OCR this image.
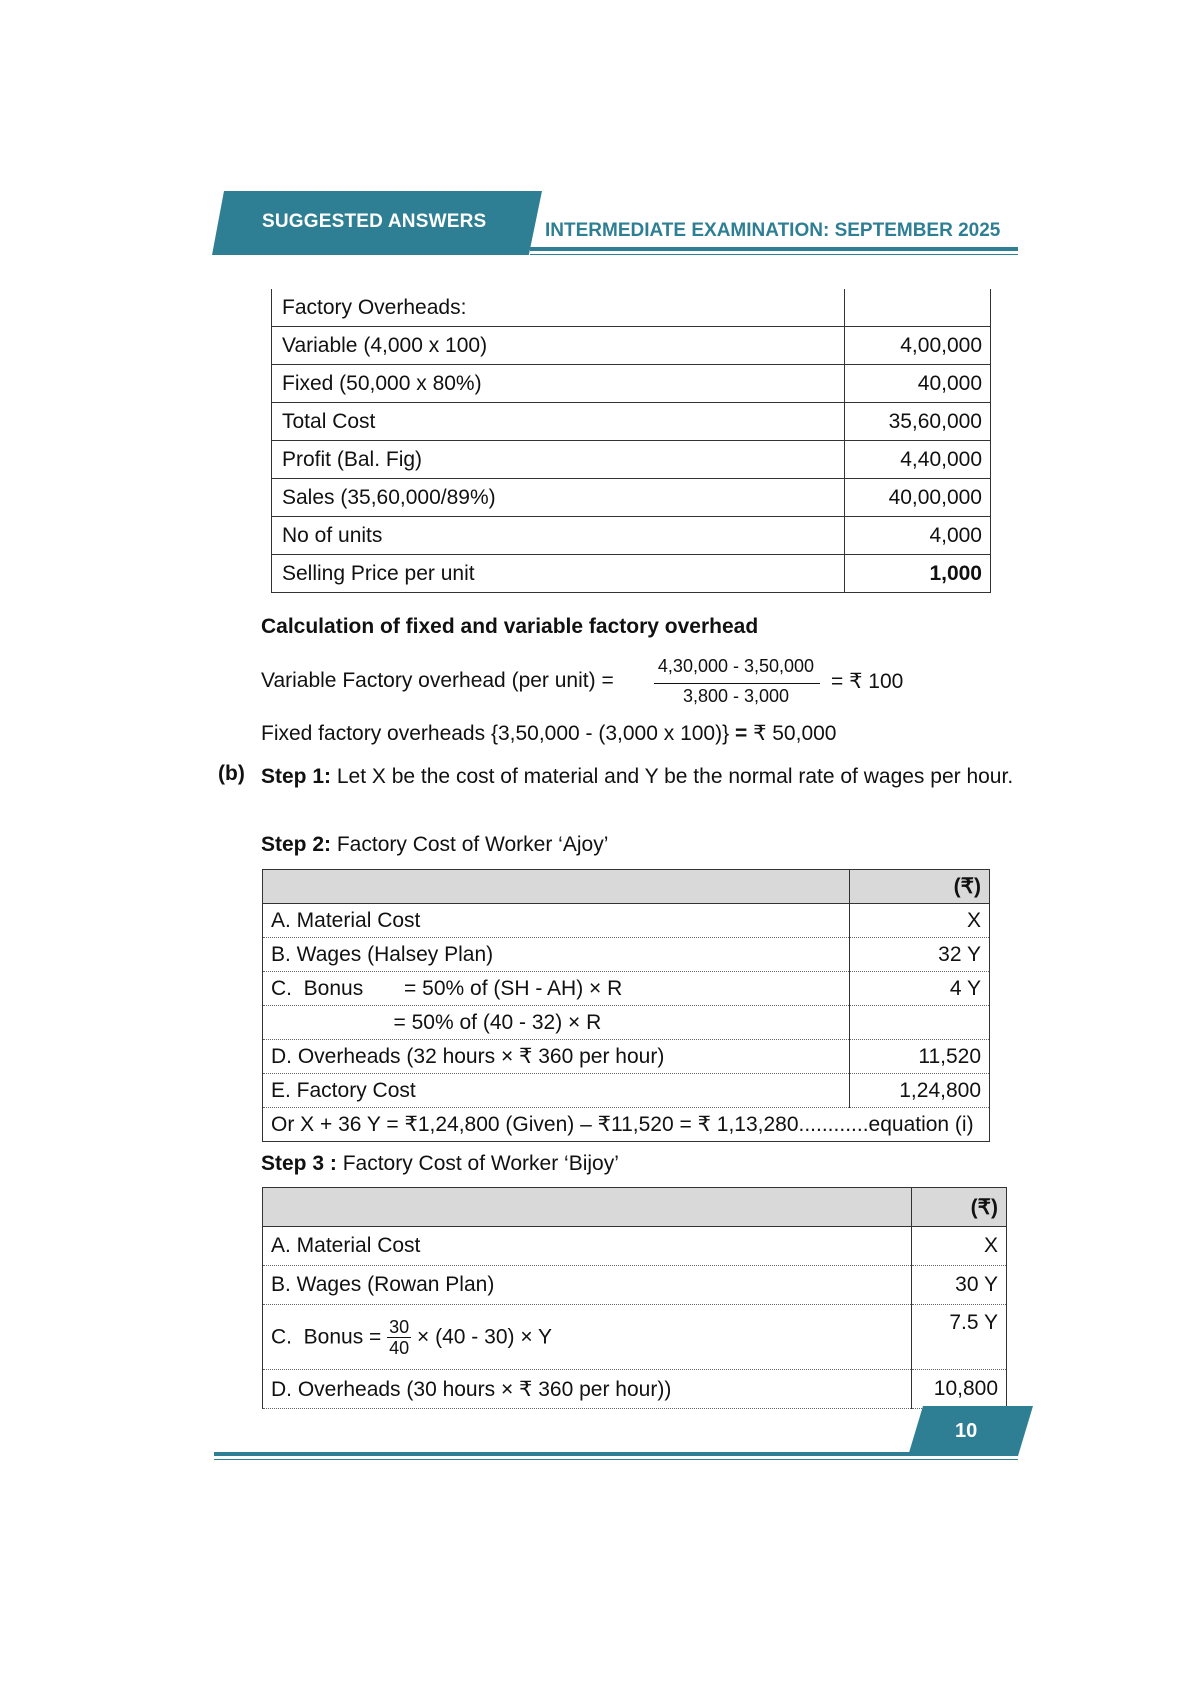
SUGGESTED ANSWERS	INTERMEDIATE EXAMINATION: SEPTEMBER 2025
Factory Overheads:	
Variable (4,000 x 100)	4,00,000
Fixed (50,000 x 80%)	40,000
Total Cost	35,60,000
Profit (Bal. Fig)	4,40,000
Sales (35,60,000/89%)	40,00,000
No of units	4,000
Selling Price per unit	1,000
Calculation of fixed and variable factory overhead
Variable Factory overhead (per unit) =
4,30,000 - 3,50,000
3,800 - 3,000
= ₹ 100
Fixed factory overheads {3,50,000 - (3,000 x 100)} = ₹ 50,000
(b) Step 1: Let X be the cost of material and Y be the normal rate of wages per hour.
Step 2: Factory Cost of Worker ‘Ajoy’
	(₹)
A. Material Cost	X
B. Wages (Halsey Plan)	32 Y
C.  Bonus       = 50% of (SH - AH) × R	4 Y
= 50% of (40 - 32) × R	
D. Overheads (32 hours × ₹ 360 per hour)	11,520
E. Factory Cost	1,24,800
Or X + 36 Y = ₹1,24,800 (Given) – ₹11,520 = ₹ 1,13,280............equation (i)	
Step 3 : Factory Cost of Worker ‘Bijoy’
	(₹)
A. Material Cost	X
B. Wages (Rowan Plan)	30 Y
C.  Bonus = $\frac{30}{40} \times (40 - 30) \times Y$	7.5 Y
D. Overheads (30 hours × ₹ 360 per hour))	10,800
10
